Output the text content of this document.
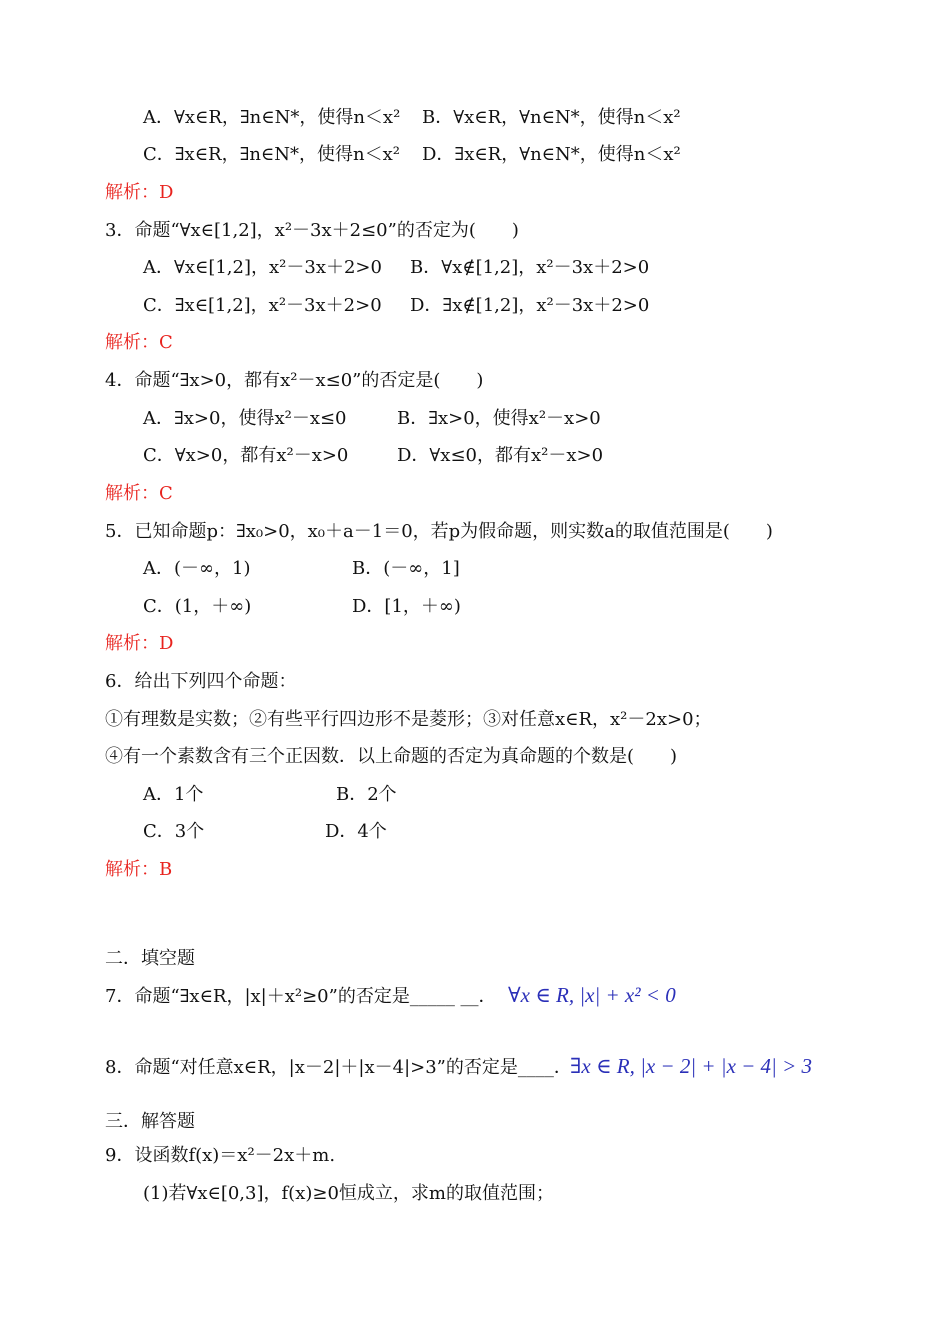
A．∀x∈R，∃n∈N*，使得n＜x² B．∀x∈R，∀n∈N*，使得n＜x²
C．∃x∈R，∃n∈N*，使得n＜x² D．∃x∈R，∀n∈N*，使得n＜x²
解析：D
3．命题“∀x∈[1,2]，x²－3x＋2≤0”的否定为(　　)
A．∀x∈[1,2]，x²－3x＋2>0 B．∀x∉[1,2]，x²－3x＋2>0
C．∃x∈[1,2]，x²－3x＋2>0 D．∃x∉[1,2]，x²－3x＋2>0
解析：C
4．命题“∃x>0，都有x²－x≤0”的否定是(　　)
A．∃x>0，使得x²－x≤0	B．∃x>0，使得x²－x>0
C．∀x>0，都有x²－x>0	D．∀x≤0，都有x²－x>0
解析：C
5．已知命题p：∃x₀>0，x₀＋a－1＝0，若p为假命题，则实数a的取值范围是(　　)
A．(－∞，1)	B．(－∞，1]
C．(1，＋∞)	D．[1，＋∞)
解析：D
6．给出下列四个命题：
①有理数是实数；②有些平行四边形不是菱形；③对任意x∈R，x²－2x>0；
④有一个素数含有三个正因数．以上命题的否定为真命题的个数是(　　)
A．1个	B．2个
C．3个	D．4个
解析：B
二．填空题
7．命题“∃x∈R，|x|＋x²≥0”的否定是_____ __． ∀x ∈ R, |x| + x² < 0
8．命题“对任意x∈R，|x－2|＋|x－4|>3”的否定是____．
∃x ∈ R, |x − 2| + |x − 4| > 3
三．解答题
9．设函数f(x)＝x²－2x＋m.
(1)若∀x∈[0,3]，f(x)≥0恒成立，求m的取值范围；
